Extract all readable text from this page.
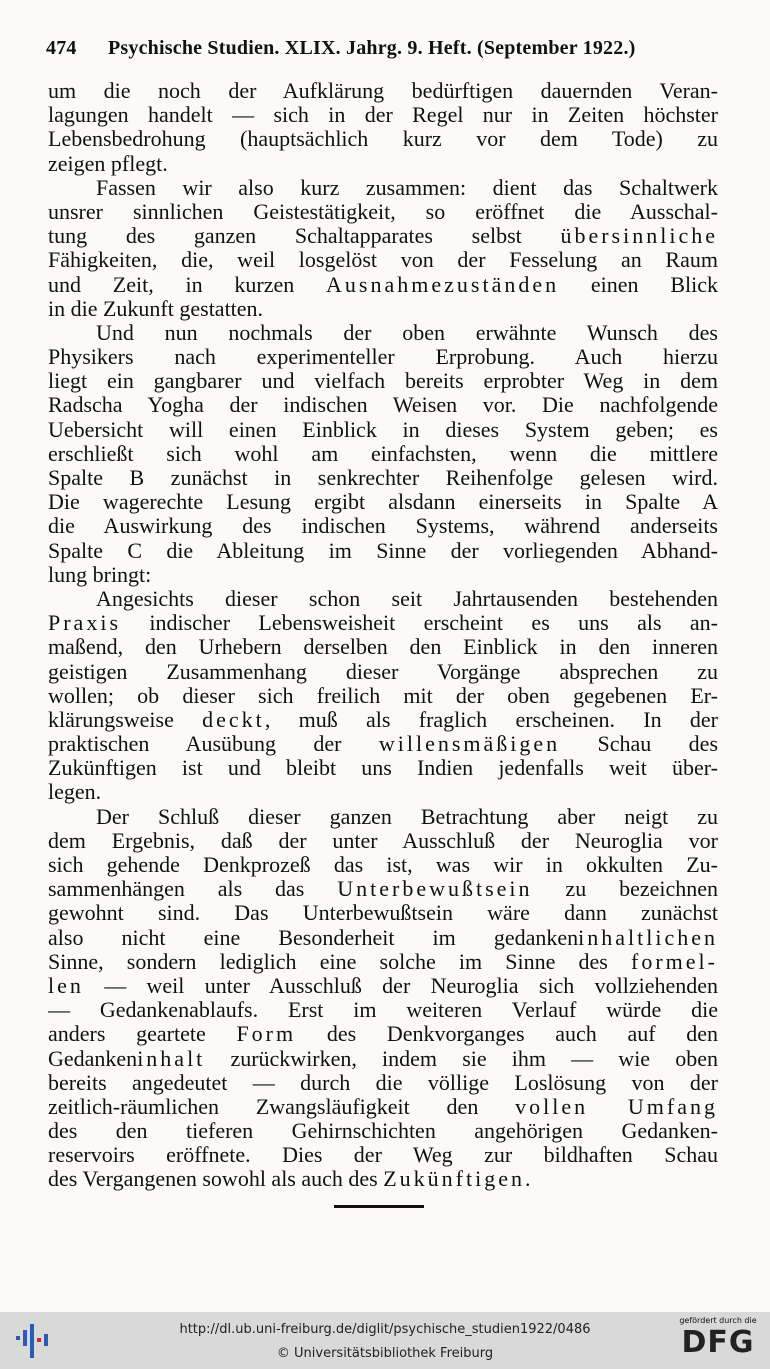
474 Psychische Studien. XLIX. Jahrg. 9. Heft. (September 1922.)
um die noch der Aufklärung bedürftigen dauernden Veran-
lagungen handelt — sich in der Regel nur in Zeiten höchster
Lebensbedrohung (hauptsächlich kurz vor dem Tode) zu
zeigen pflegt.
Fassen wir also kurz zusammen: dient das Schaltwerk
unsrer sinnlichen Geistestätigkeit, so eröffnet die Ausschal-
tung des ganzen Schaltapparates selbst übersinnliche
Fähigkeiten, die, weil losgelöst von der Fesselung an Raum
und Zeit, in kurzen Ausnahmezuständen einen Blick
in die Zukunft gestatten.
Und nun nochmals der oben erwähnte Wunsch des
Physikers nach experimenteller Erprobung. Auch hierzu
liegt ein gangbarer und vielfach bereits erprobter Weg in dem
Radscha Yogha der indischen Weisen vor. Die nachfolgende
Uebersicht will einen Einblick in dieses System geben; es
erschließt sich wohl am einfachsten, wenn die mittlere
Spalte B zunächst in senkrechter Reihenfolge gelesen wird.
Die wagerechte Lesung ergibt alsdann einerseits in Spalte A
die Auswirkung des indischen Systems, während anderseits
Spalte C die Ableitung im Sinne der vorliegenden Abhand-
lung bringt:
Angesichts dieser schon seit Jahrtausenden bestehenden
Praxis indischer Lebensweisheit erscheint es uns als an-
maßend, den Urhebern derselben den Einblick in den inneren
geistigen Zusammenhang dieser Vorgänge absprechen zu
wollen; ob dieser sich freilich mit der oben gegebenen Er-
klärungsweise deckt, muß als fraglich erscheinen. In der
praktischen Ausübung der willensmäßigen Schau des
Zukünftigen ist und bleibt uns Indien jedenfalls weit über-
legen.
Der Schluß dieser ganzen Betrachtung aber neigt zu
dem Ergebnis, daß der unter Ausschluß der Neuroglia vor
sich gehende Denkprozeß das ist, was wir in okkulten Zu-
sammenhängen als das Unterbewußtsein zu bezeichnen
gewohnt sind. Das Unterbewußtsein wäre dann zunächst
also nicht eine Besonderheit im gedankeninhaltlichen
Sinne, sondern lediglich eine solche im Sinne des formel-
len — weil unter Ausschluß der Neuroglia sich vollziehenden
— Gedankenablaufs. Erst im weiteren Verlauf würde die
anders geartete Form des Denkvorganges auch auf den
Gedankeninhalt zurückwirken, indem sie ihm — wie oben
bereits angedeutet — durch die völlige Loslösung von der
zeitlich-räumlichen Zwangsläufigkeit den vollen Umfang
des den tieferen Gehirnschichten angehörigen Gedanken-
reservoirs eröffnete. Dies der Weg zur bildhaften Schau
des Vergangenen sowohl als auch des Zukünftigen.
http://dl.ub.uni-freiburg.de/diglit/psychische_studien1922/0486
© Universitätsbibliothek Freiburg
gefördert durch die
DFG
